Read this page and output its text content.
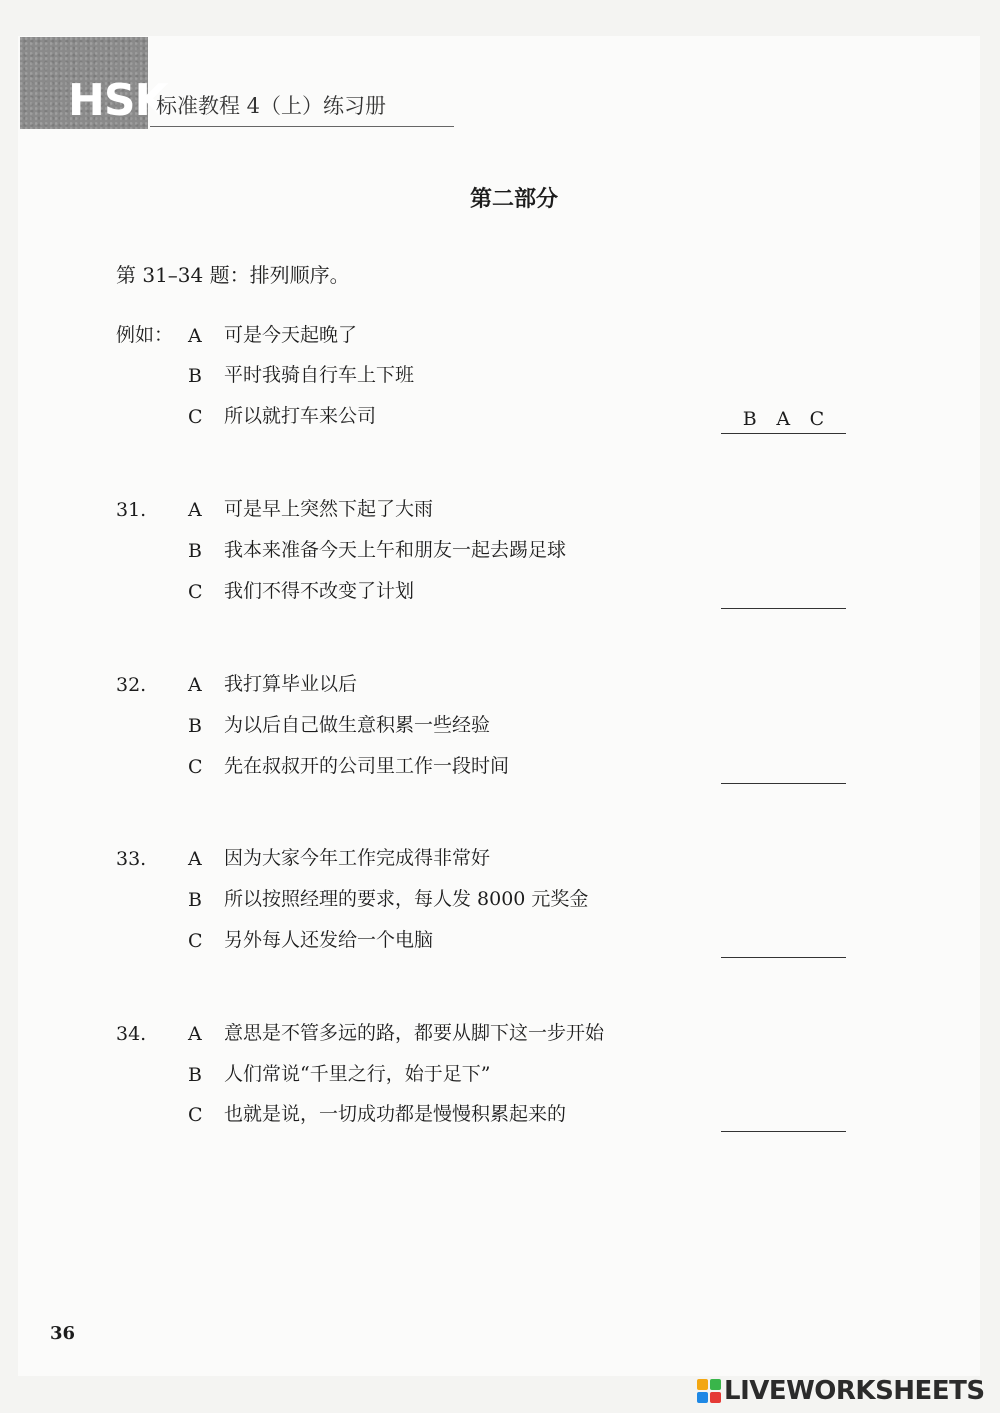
HSK
标准教程 4（上）练习册
第二部分
第 31–34 题：排列顺序。
例如： A 可是今天起晚了
B 平时我骑自行车上下班
C 所以就打车来公司	B A C
31. A 可是早上突然下起了大雨
B 我本来准备今天上午和朋友一起去踢足球
C 我们不得不改变了计划
32. A 我打算毕业以后
B 为以后自己做生意积累一些经验
C 先在叔叔开的公司里工作一段时间
33. A 因为大家今年工作完成得非常好
B 所以按照经理的要求，每人发 8000 元奖金
C 另外每人还发给一个电脑
34. A 意思是不管多远的路，都要从脚下这一步开始
B 人们常说“千里之行，始于足下”
C 也就是说，一切成功都是慢慢积累起来的
36
LIVEWORKSHEETS
